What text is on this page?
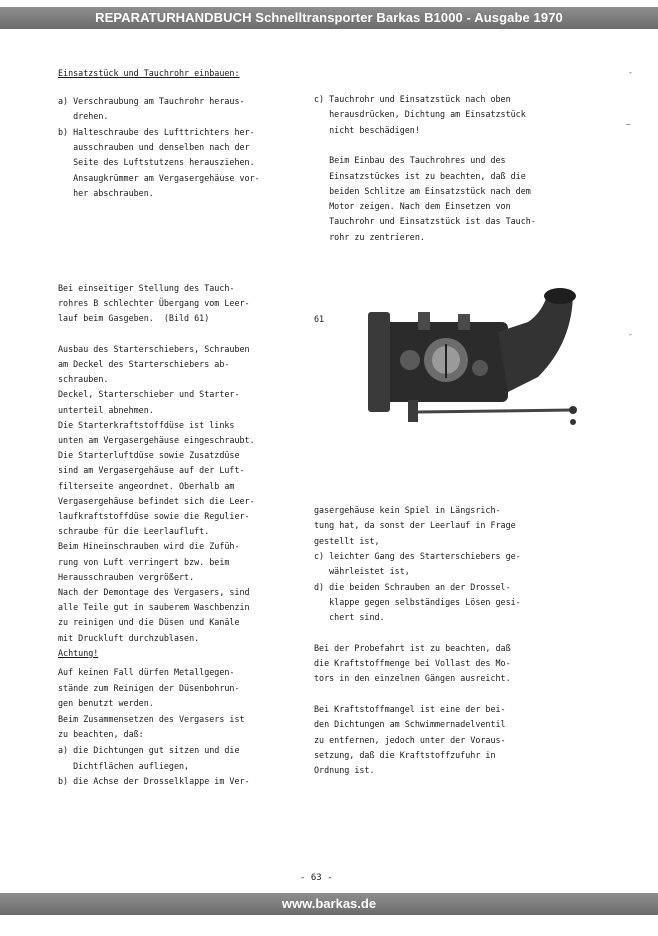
REPARATURHANDBUCH Schnelltransporter Barkas B1000 - Ausgabe 1970
Einsatzstück und Tauchrohr einbauen:
a) Verschraubung am Tauchrohr heraus-
drehen.
b) Halteschraube des Lufttrichters her-
ausschrauben und denselben nach der
Seite des Luftstutzens herausziehen.
Ansaugkrümmer am Vergasergehäuse vor-
her abschrauben.
c) Tauchrohr und Einsatzstück nach oben
herausdrücken, Dichtung am Einsatzstück
nicht beschädigen!
Beim Einbau des Tauchrohres und des
Einsatzstückes ist zu beachten, daß die
beiden Schlitze am Einsatzstück nach dem
Motor zeigen. Nach dem Einsetzen von
Tauchrohr und Einsatzstück ist das Tauch-
rohr zu zentrieren.
Bei einseitiger Stellung des Tauch-
rohres B schlechter Übergang vom Leer-
lauf beim Gasgeben.  (Bild 61)
Ausbau des Starterschiebers, Schrauben
am Deckel des Starterschiebers ab-
schrauben.
Deckel, Starterschieber und Starter-
unterteil abnehmen.
Die Starterkraftstoffdüse ist links
unten am Vergasergehäuse eingeschraubt.
Die Starterluftdüse sowie Zusatzdüse
sind am Vergasergehäuse auf der Luft-
filterseite angeordnet. Oberhalb am
Vergasergehäuse befindet sich die Leer-
laufkraftstoffdüse sowie die Regulier-
schraube für die Leerlaufluft.
Beim Hineinschrauben wird die Zufüh-
rung von Luft verringert bzw. beim
Herausschrauben vergrößert.
Nach der Demontage des Vergasers, sind
alle Teile gut in sauberem Waschbenzin
zu reinigen und die Düsen und Kanäle
mit Druckluft durchzublasen.
Achtung!
Auf keinen Fall dürfen Metallgegen-
stände zum Reinigen der Düsenbohrun-
gen benutzt werden.
Beim Zusammensetzen des Vergasers ist
zu beachten, daß:
a) die Dichtungen gut sitzen und die
Dichtflächen aufliegen,
b) die Achse der Drosselklappe im Ver-
61
gasergehäuse kein Spiel in Längsrich-
tung hat, da sonst der Leerlauf in Frage
gestellt ist,
c) leichter Gang des Starterschiebers ge-
währleistet ist,
d) die beiden Schrauben an der Drossel-
klappe gegen selbständiges Lösen gesi-
chert sind.
Bei der Probefahrt ist zu beachten, daß
die Kraftstoffmenge bei Vollast des Mo-
tors in den einzelnen Gängen ausreicht.
Bei Kraftstoffmangel ist eine der bei-
den Dichtungen am Schwimmernadelventil
zu entfernen, jedoch unter der Voraus-
setzung, daß die Kraftstoffzufuhr in
Ordnung ist.
-
~
-
- 63 -
www.barkas.de
